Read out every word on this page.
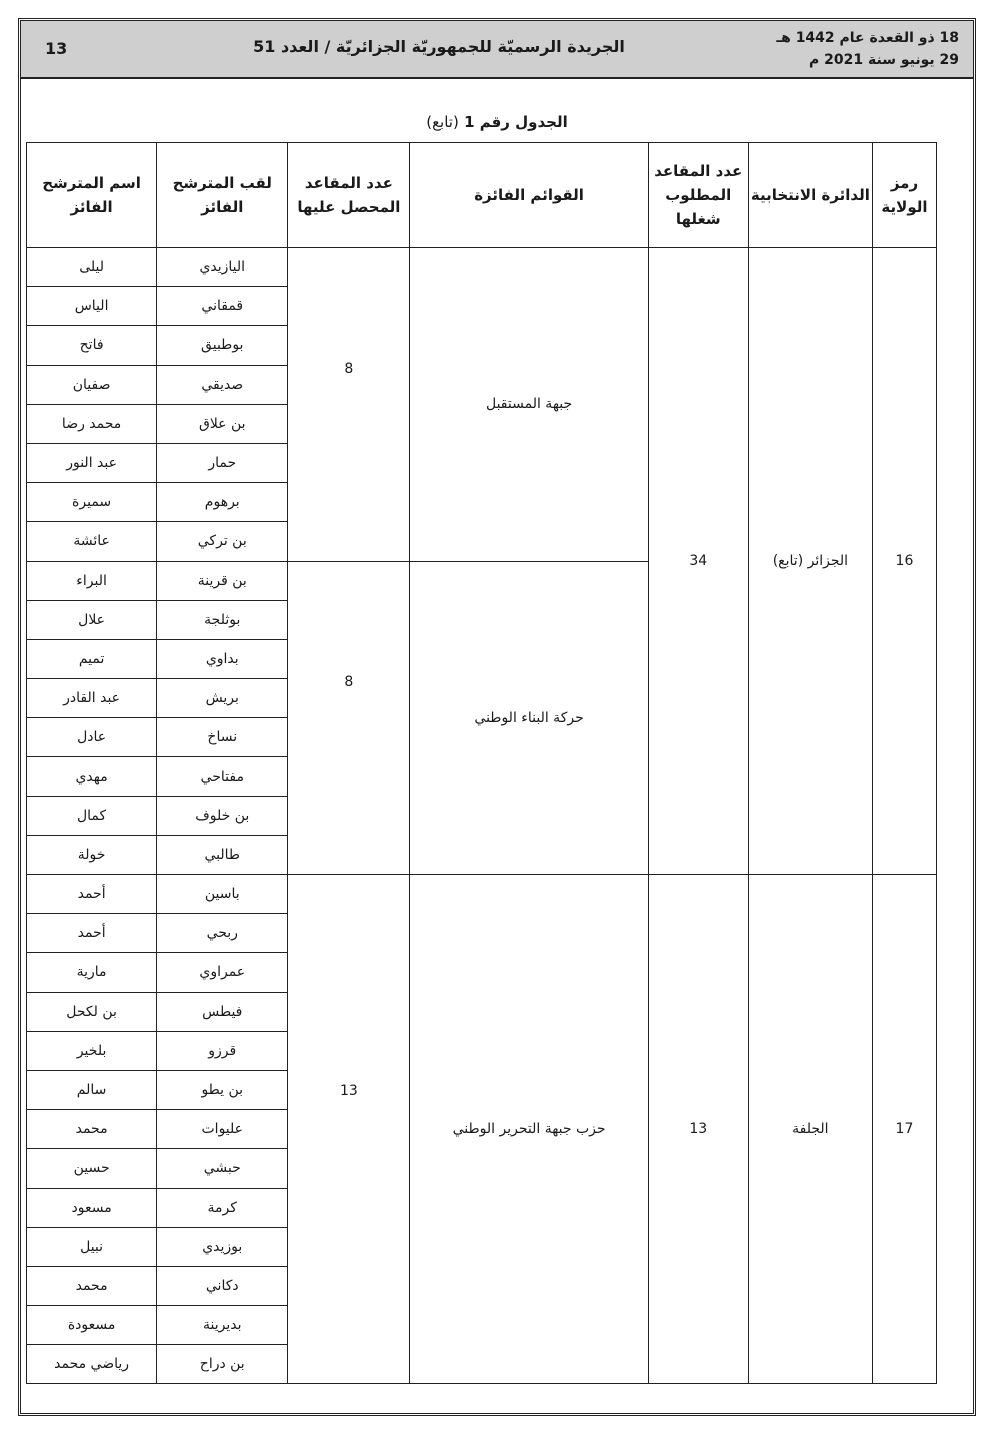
13	الجريدة الرسميّة للجمهوريّة الجزائريّة / العدد 51	18 ذو القعدة عام 1442 هـ
29 يونيو سنة 2021 م
الجدول رقم 1 (تابع)
رمز الولاية	الدائرة الانتخابية	عدد المقاعد المطلوب شغلها	القوائم الفائزة	عدد المقاعد المحصل عليها	لقب المترشح الفائز	اسم المترشح الفائز
16	الجزائر (تابع)	34	جبهة المستقبل	8	اليازيدي	ليلى
					قمقاني	الياس
					بوطبيق	فاتح
					صديقي	صفيان
					بن علاق	محمد رضا
					حمار	عبد النور
					برهوم	سميرة
					بن تركي	عائشة
			حركة البناء الوطني	8	بن قرينة	البراء
					بوثلجة	علال
					بداوي	تميم
					بريش	عبد القادر
					نساخ	عادل
					مفتاحي	مهدي
					بن خلوف	كمال
					طالبي	خولة
17	الجلفة	13	حزب جبهة التحرير الوطني	13	باسين	أحمد
					ربحي	أحمد
					عمراوي	مارية
					فيطس	بن لكحل
					قرزو	بلخير
					بن يطو	سالم
					عليوات	محمد
					حبشي	حسين
					كرمة	مسعود
					بوزيدي	نبيل
					دكاني	محمد
					بديرينة	مسعودة
					بن دراح	رياضي محمد
